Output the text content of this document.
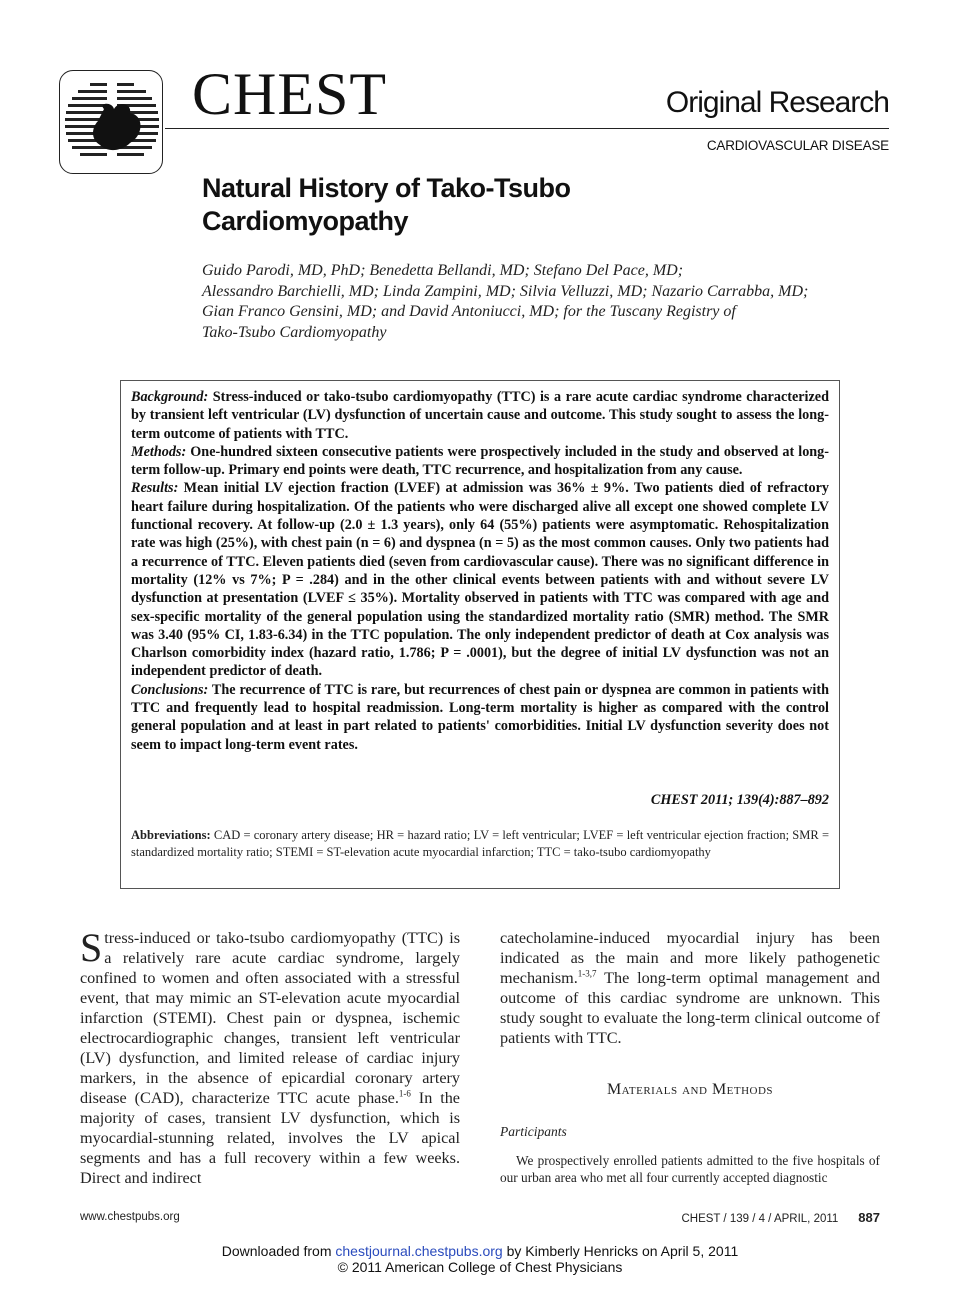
CHEST	Original Research
CARDIOVASCULAR DISEASE
Natural History of Tako-Tsubo
Cardiomyopathy
Guido Parodi, MD, PhD; Benedetta Bellandi, MD; Stefano Del Pace, MD;
Alessandro Barchielli, MD; Linda Zampini, MD; Silvia Velluzzi, MD; Nazario Carrabba, MD;
Gian Franco Gensini, MD; and David Antoniucci, MD; for the Tuscany Registry of
Tako-Tsubo Cardiomyopathy

Background: Stress-induced or tako-tsubo cardiomyopathy (TTC) is a rare acute cardiac syndrome characterized by transient left ventricular (LV) dysfunction of uncertain cause and outcome. This study sought to assess the long-term outcome of patients with TTC.

Methods: One-hundred sixteen consecutive patients were prospectively included in the study and observed at long-term follow-up. Primary end points were death, TTC recurrence, and hospitalization from any cause.

Results: Mean initial LV ejection fraction (LVEF) at admission was 36% ± 9%. Two patients died of refractory heart failure during hospitalization. Of the patients who were discharged alive all except one showed complete LV functional recovery. At follow-up (2.0 ± 1.3 years), only 64 (55%) patients were asymptomatic. Rehospitalization rate was high (25%), with chest pain (n = 6) and dyspnea (n = 5) as the most common causes. Only two patients had a recurrence of TTC. Eleven patients died (seven from cardiovascular cause). There was no significant difference in mortality (12% vs 7%; P = .284) and in the other clinical events between patients with and without severe LV dysfunction at presentation (LVEF ≤ 35%). Mortality observed in patients with TTC was compared with age and sex-specific mortality of the general population using the standardized mortality ratio (SMR) method. The SMR was 3.40 (95% CI, 1.83-6.34) in the TTC population. The only independent predictor of death at Cox analysis was Charlson comorbidity index (hazard ratio, 1.786; P = .0001), but the degree of initial LV dysfunction was not an independent predictor of death.

Conclusions: The recurrence of TTC is rare, but recurrences of chest pain or dyspnea are common in patients with TTC and frequently lead to hospital readmission. Long-term mortality is higher as compared with the control general population and at least in part related to patients' comorbidities. Initial LV dysfunction severity does not seem to impact long-term event rates.

CHEST 2011; 139(4):887–892
Abbreviations: CAD = coronary artery disease; HR = hazard ratio; LV = left ventricular; LVEF = left ventricular ejection fraction; SMR = standardized mortality ratio; STEMI = ST-elevation acute myocardial infarction; TTC = tako-tsubo cardiomyopathy
Stress-induced or tako-tsubo cardiomyopathy (TTC) is a relatively rare acute cardiac syndrome, largely confined to women and often associated with a stressful event, that may mimic an ST-elevation acute myocardial infarction (STEMI). Chest pain or dyspnea, ischemic electrocardiographic changes, transient left ventricular (LV) dysfunction, and limited release of cardiac injury markers, in the absence of epicardial coronary artery disease (CAD), characterize TTC acute phase.$^{1-6}$ In the majority of cases, transient LV dysfunction, which is myocardial-stunning related, involves the LV apical segments and has a full recovery within a few weeks. Direct and indirect
catecholamine-induced myocardial injury has been indicated as the main and more likely pathogenetic mechanism.$^{1-3,7}$ The long-term optimal management and outcome of this cardiac syndrome are unknown. This study sought to evaluate the long-term clinical outcome of patients with TTC.
Materials and Methods
Participants
We prospectively enrolled patients admitted to the five hospitals of our urban area who met all four currently accepted diagnostic
www.chestpubs.org	CHEST / 139 / 4 / APRIL, 2011 887
Downloaded from chestjournal.chestpubs.org by Kimberly Henricks on April 5, 2011
© 2011 American College of Chest Physicians
